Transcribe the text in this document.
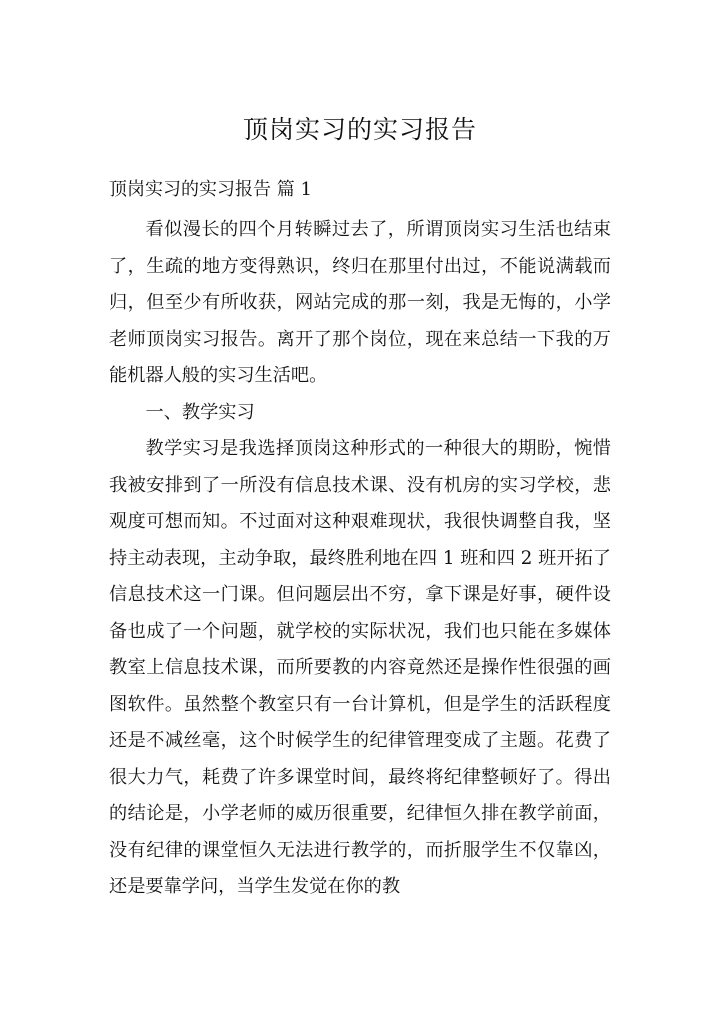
顶岗实习的实习报告
顶岗实习的实习报告 篇 1

看似漫长的四个月转瞬过去了，所谓顶岗实习生活也结束了，生疏的地方变得熟识，终归在那里付出过，不能说满载而归，但至少有所收获，网站完成的那一刻，我是无悔的，小学老师顶岗实习报告。离开了那个岗位，现在来总结一下我的万能机器人般的实习生活吧。

一、教学实习

教学实习是我选择顶岗这种形式的一种很大的期盼，惋惜我被安排到了一所没有信息技术课、没有机房的实习学校，悲观度可想而知。不过面对这种艰难现状，我很快调整自我，坚持主动表现，主动争取，最终胜利地在四 1 班和四 2 班开拓了信息技术这一门课。但问题层出不穷，拿下课是好事，硬件设备也成了一个问题，就学校的实际状况，我们也只能在多媒体教室上信息技术课，而所要教的内容竟然还是操作性很强的画图软件。虽然整个教室只有一台计算机，但是学生的活跃程度还是不减丝毫，这个时候学生的纪律管理变成了主题。花费了很大力气，耗费了许多课堂时间，最终将纪律整顿好了。得出的结论是，小学老师的威历很重要，纪律恒久排在教学前面，没有纪律的课堂恒久无法进行教学的，而折服学生不仅靠凶，还是要靠学问，当学生发觉在你的教
